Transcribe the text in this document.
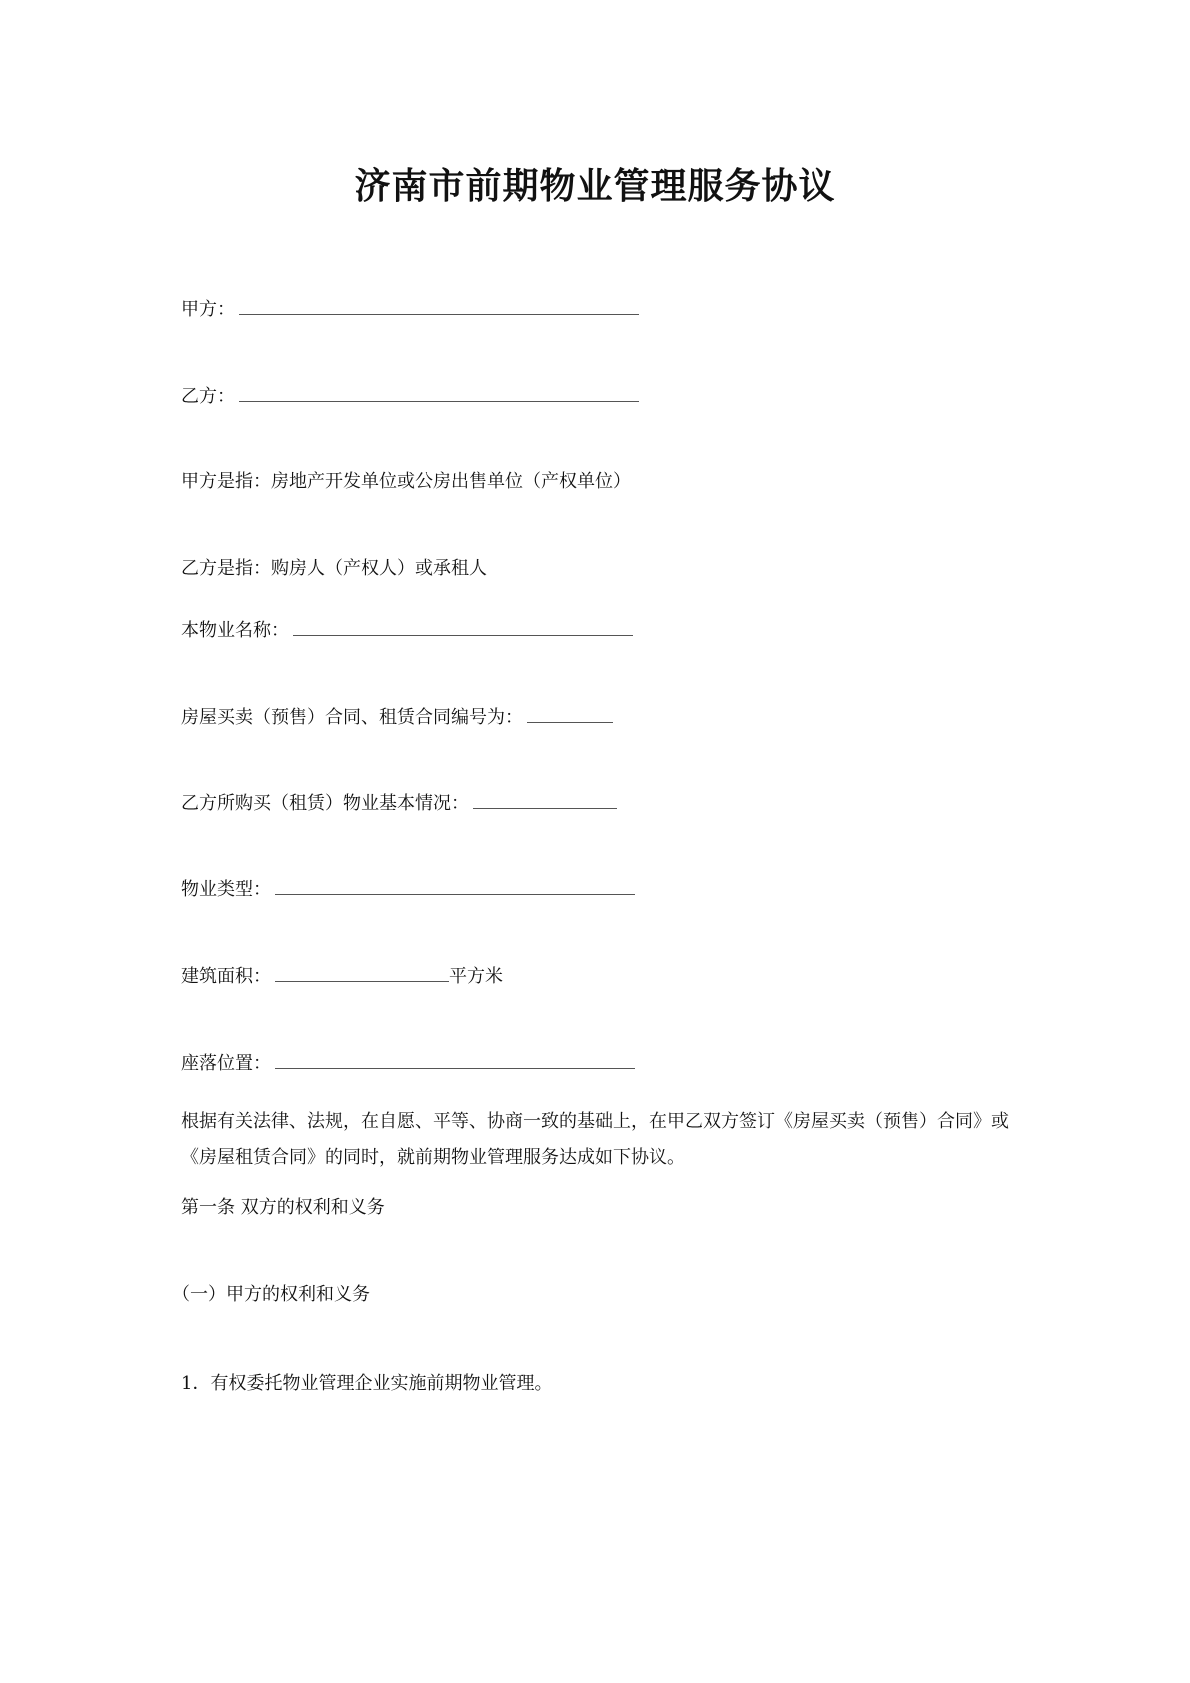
济南市前期物业管理服务协议
甲方：
乙方：
甲方是指：房地产开发单位或公房出售单位（产权单位）
乙方是指：购房人（产权人）或承租人
本物业名称：
房屋买卖（预售）合同、租赁合同编号为：
乙方所购买（租赁）物业基本情况：
物业类型：
建筑面积：	平方米
座落位置：
根据有关法律、法规，在自愿、平等、协商一致的基础上，在甲乙双方签订《房屋买卖（预售）合同》或《房屋租赁合同》的同时，就前期物业管理服务达成如下协议。
第一条 双方的权利和义务
（一）甲方的权利和义务
1．有权委托物业管理企业实施前期物业管理。
